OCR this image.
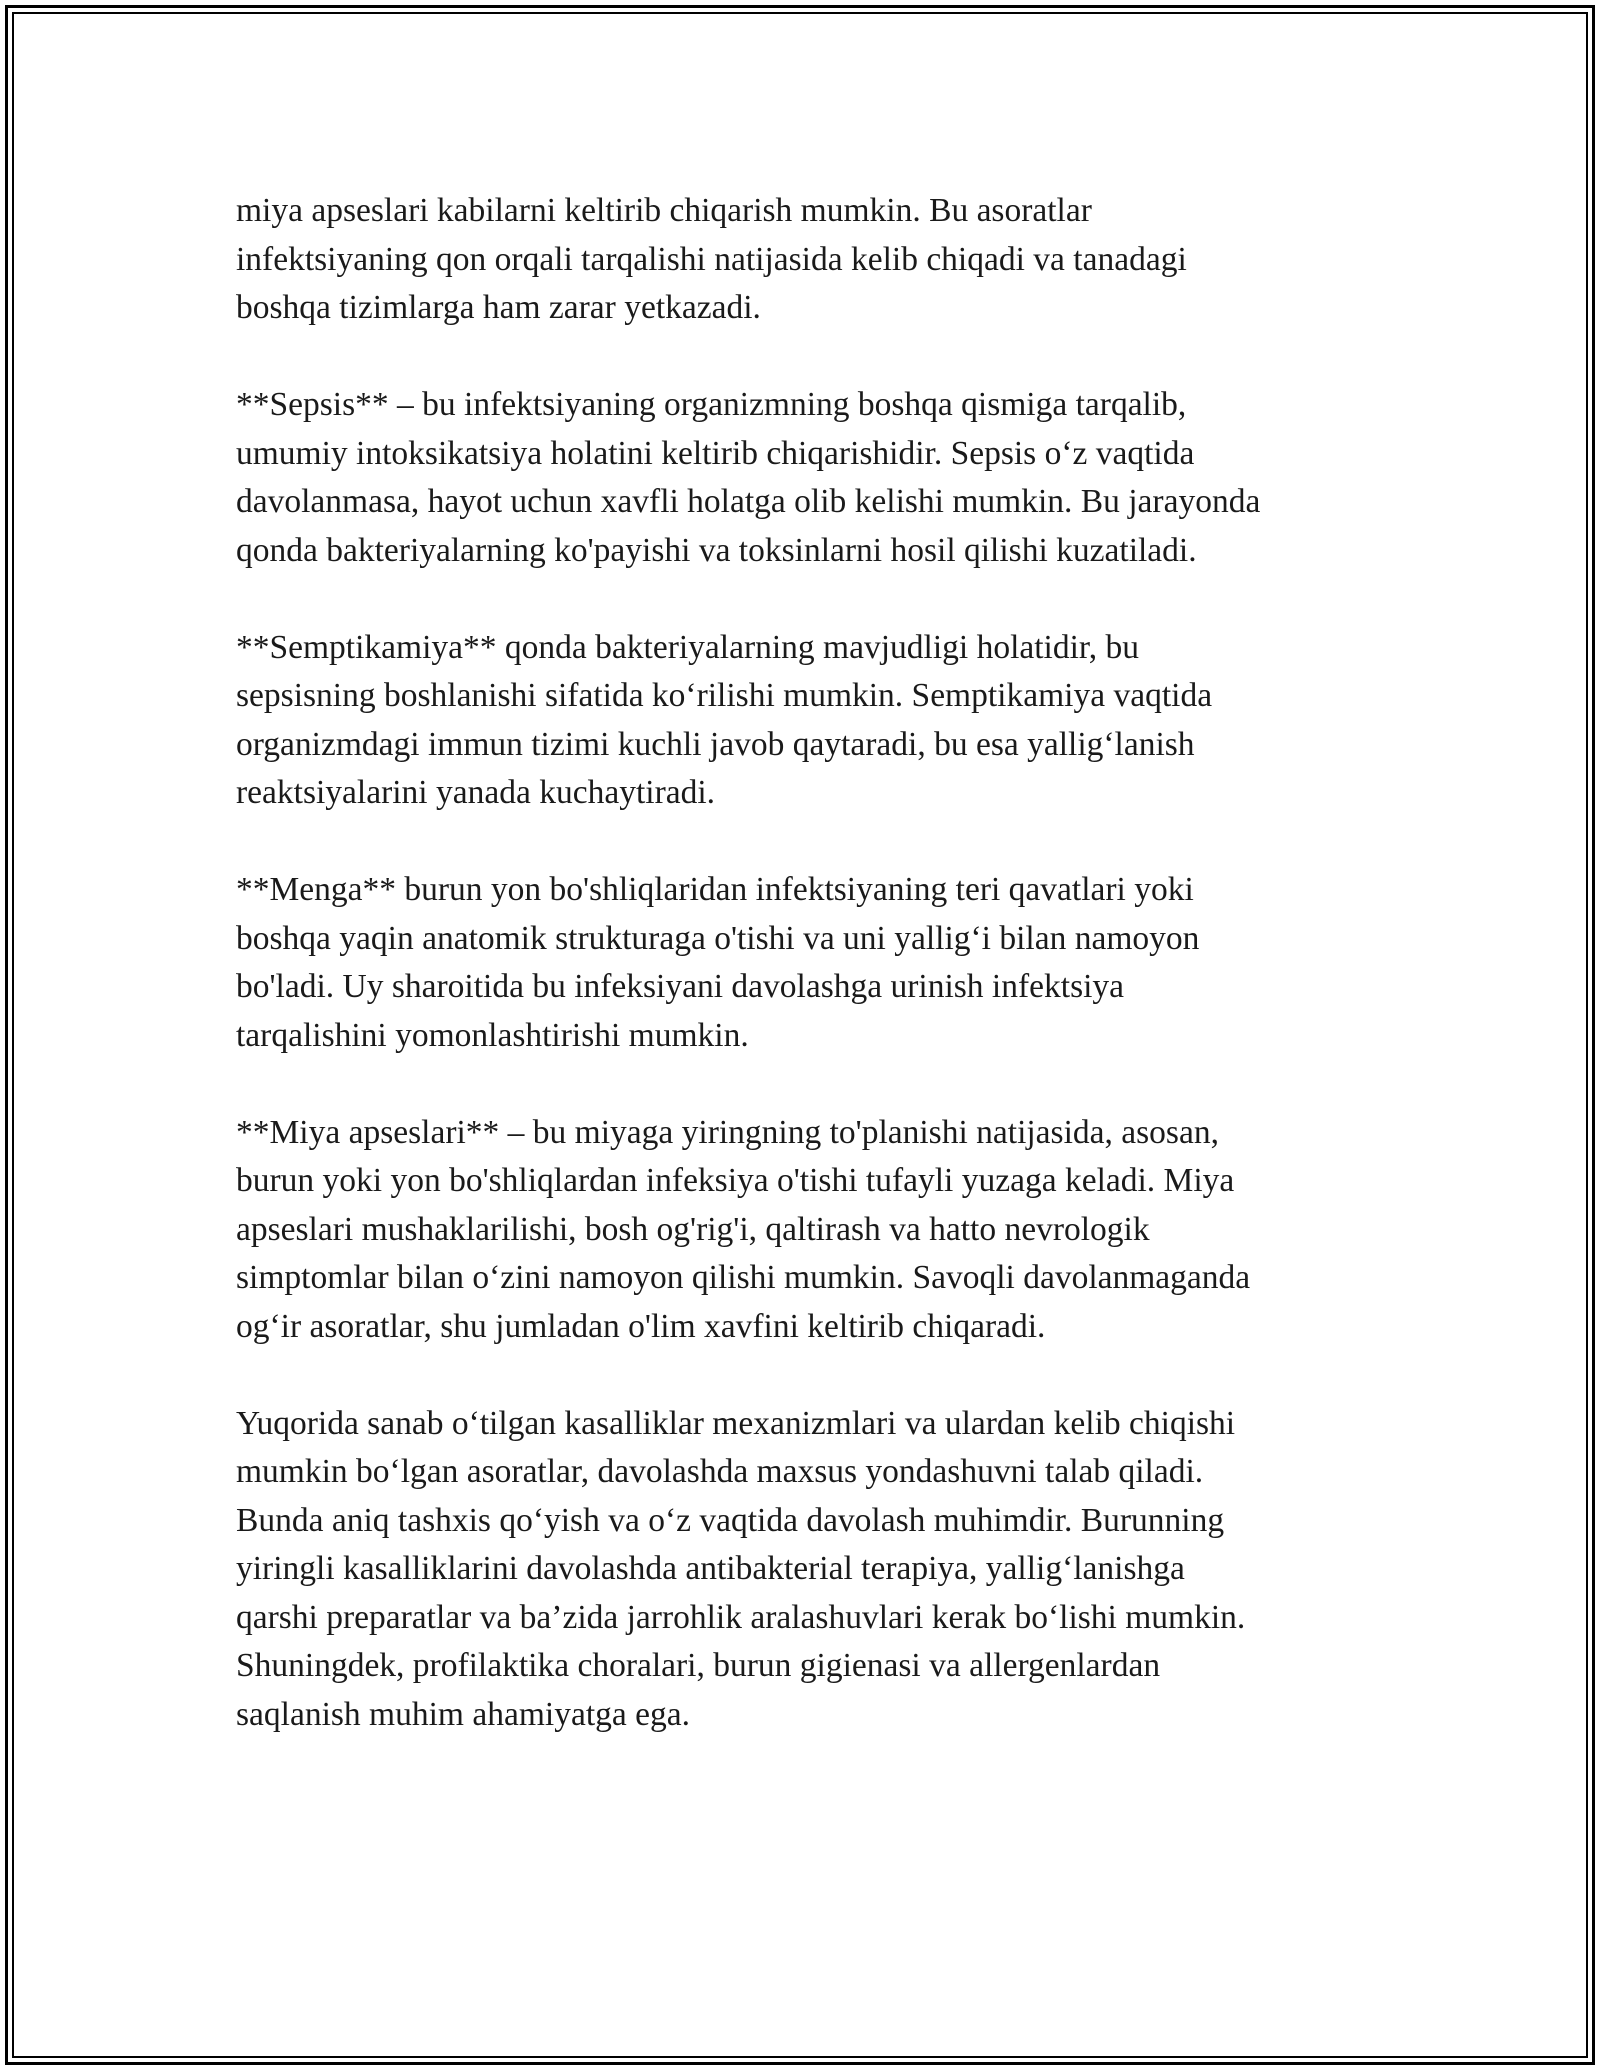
miya apseslari kabilarni keltirib chiqarish mumkin. Bu asoratlar
infektsiyaning qon orqali tarqalishi natijasida kelib chiqadi va tanadagi
boshqa tizimlarga ham zarar yetkazadi.

**Sepsis** – bu infektsiyaning organizmning boshqa qismiga tarqalib,
umumiy intoksikatsiya holatini keltirib chiqarishidir. Sepsis o‘z vaqtida
davolanmasa, hayot uchun xavfli holatga olib kelishi mumkin. Bu jarayonda
qonda bakteriyalarning ko'payishi va toksinlarni hosil qilishi kuzatiladi.

**Semptikamiya** qonda bakteriyalarning mavjudligi holatidir, bu
sepsisning boshlanishi sifatida ko‘rilishi mumkin. Semptikamiya vaqtida
organizmdagi immun tizimi kuchli javob qaytaradi, bu esa yallig‘lanish
reaktsiyalarini yanada kuchaytiradi.

**Menga** burun yon bo'shliqlaridan infektsiyaning teri qavatlari yoki
boshqa yaqin anatomik strukturaga o'tishi va uni yallig‘i bilan namoyon
bo'ladi. Uy sharoitida bu infeksiyani davolashga urinish infektsiya
tarqalishini yomonlashtirishi mumkin.

**Miya apseslari** – bu miyaga yiringning to'planishi natijasida, asosan,
burun yoki yon bo'shliqlardan infeksiya o'tishi tufayli yuzaga keladi. Miya
apseslari mushaklarilishi, bosh og'rig'i, qaltirash va hatto nevrologik
simptomlar bilan o‘zini namoyon qilishi mumkin. Savoqli davolanmaganda
og‘ir asoratlar, shu jumladan o'lim xavfini keltirib chiqaradi.

Yuqorida sanab o‘tilgan kasalliklar mexanizmlari va ulardan kelib chiqishi
mumkin bo‘lgan asoratlar, davolashda maxsus yondashuvni talab qiladi.
Bunda aniq tashxis qo‘yish va o‘z vaqtida davolash muhimdir. Burunning
yiringli kasalliklarini davolashda antibakterial terapiya, yallig‘lanishga
qarshi preparatlar va ba’zida jarrohlik aralashuvlari kerak bo‘lishi mumkin.
Shuningdek, profilaktika choralari, burun gigienasi va allergenlardan
saqlanish muhim ahamiyatga ega.
